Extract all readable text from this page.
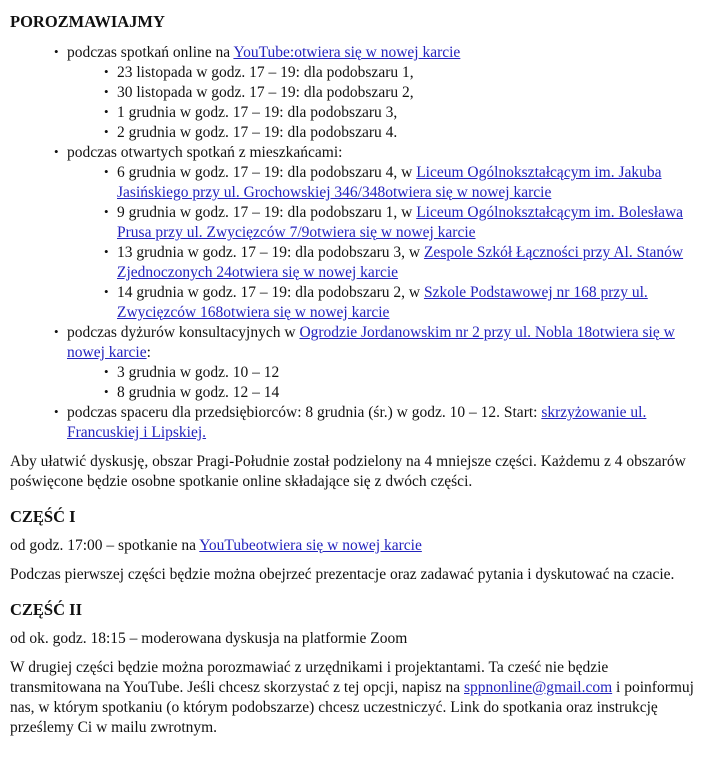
POROZMAWIAJMY
• podczas spotkań online na YouTube:otwiera się w nowej karcie
• 23 listopada w godz. 17 – 19: dla podobszaru 1,
• 30 listopada w godz. 17 – 19: dla podobszaru 2,
• 1 grudnia w godz. 17 – 19: dla podobszaru 3,
• 2 grudnia w godz. 17 – 19: dla podobszaru 4.
• podczas otwartych spotkań z mieszkańcami:
• 6 grudnia w godz. 17 – 19: dla podobszaru 4, w Liceum Ogólnokształcącym im. Jakuba Jasińskiego przy ul. Grochowskiej 346/348otwiera się w nowej karcie
• 9 grudnia w godz. 17 – 19: dla podobszaru 1, w Liceum Ogólnokształcącym im. Bolesława Prusa przy ul. Zwycięzców 7/9otwiera się w nowej karcie
• 13 grudnia w godz. 17 – 19: dla podobszaru 3, w Zespole Szkół Łączności przy Al. Stanów Zjednoczonych 24otwiera się w nowej karcie
• 14 grudnia w godz. 17 – 19: dla podobszaru 2, w Szkole Podstawowej nr 168 przy ul. Zwycięzców 168otwiera się w nowej karcie
• podczas dyżurów konsultacyjnych w Ogrodzie Jordanowskim nr 2 przy ul. Nobla 18otwiera się w nowej karcie:
• 3 grudnia w godz. 10 – 12
• 8 grudnia w godz. 12 – 14
• podczas spaceru dla przedsiębiorców: 8 grudnia (śr.) w godz. 10 – 12. Start: skrzyżowanie ul. Francuskiej i Lipskiej.

Aby ułatwić dyskusję, obszar Pragi-Południe został podzielony na 4 mniejsze części. Każdemu z 4 obszarów poświęcone będzie osobne spotkanie online składające się z dwóch części.

CZĘŚĆ I

od godz. 17:00 – spotkanie na YouTubeotwiera się w nowej karcie

Podczas pierwszej części będzie można obejrzeć prezentacje oraz zadawać pytania i dyskutować na czacie.

CZĘŚĆ II

od ok. godz. 18:15 – moderowana dyskusja na platformie Zoom

W drugiej części będzie można porozmawiać z urzędnikami i projektantami. Ta cześć nie będzie transmitowana na YouTube. Jeśli chcesz skorzystać z tej opcji, napisz na sppnonline@gmail.com i poinformuj nas, w którym spotkaniu (o którym podobszarze) chcesz uczestniczyć. Link do spotkania oraz instrukcję prześlemy Ci w mailu zwrotnym.
